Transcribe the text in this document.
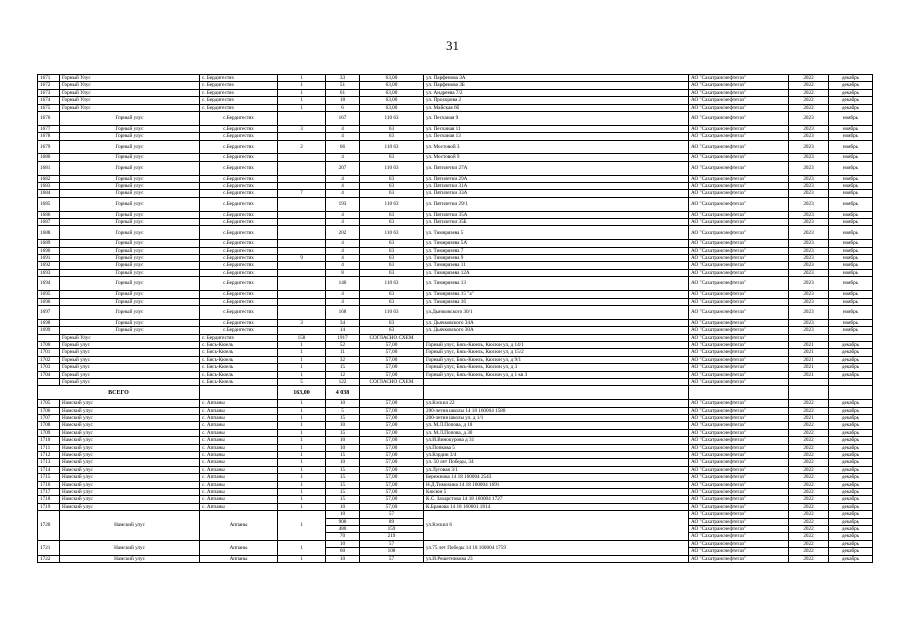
31
1671	Горный Улус	с. Бердигестях	1	33	63,00	ул. Парфенова 3А	АО "Сахатранснефтегаз"	2022	декабрь
1672	Горный Улус	с. Бердигестях	1	51	63,00	ул. Парфенова 3Б	АО "Сахатранснефтегаз"	2022	декабрь
1673	Горный Улус	с. Бердигестях	1	61	63,00	ул. Андреева 7/2	АО "Сахатранснефтегаз"	2022	декабрь
1674	Горный Улус	с. Бердигестях	1	18	63,00	ул. Прохорова 2	АО "Сахатранснефтегаз"	2022	декабрь
1675	Горный Улус	с. Бердигестях	1	6	63,00	ул. Майская 6б	АО "Сахатранснефтегаз"	2022	декабрь
1676	Горный улус	с.Бердигестях		167	110 63	ул. Песчаная 9	АО "Сахатранснефтегаз"	2023	ноябрь
1677	Горный улус	с.Бердигестях	3	4	63	ул. Песчаная 11	АО "Сахатранснефтегаз"	2023	ноябрь
1678	Горный улус	с.Бердигестях		4	63	ул. Песчаная 13	АО "Сахатранснефтегаз"	2023	ноябрь
1679	Горный улус	с.Бердигестях	2	66	110 63	ул. Мостовой 3	АО "Сахатранснефтегаз"	2023	ноябрь
1680	Горный улус	с.Бердигестях		4	63	ул. Мостовой 9	АО "Сахатранснефтегаз"	2023	ноябрь
1681	Горный улус	с.Бердигестях		207	110 63	ул. Пятилетки 27А	АО "Сахатранснефтегаз"	2023	ноябрь
1682	Горный улус	с.Бердигестях		4	63	ул. Пятилетки 29А	АО "Сахатранснефтегаз"	2023	ноябрь
1683	Горный улус	с.Бердигестях		4	63	ул. Пятилетки 31А	АО "Сахатранснефтегаз"	2023	ноябрь
1684	Горный улус	с.Бердигестях	7	4	63	ул. Пятилетки 33А	АО "Сахатранснефтегаз"	2023	ноябрь
1685	Горный улус	с.Бердигестях		193	110 63	ул. Пятилетки 29/1	АО "Сахатранснефтегаз"	2023	ноябрь
1686	Горный улус	с.Бердигестях		4	63	ул. Пятилетки 35А	АО "Сахатранснефтегаз"	2023	ноябрь
1687	Горный улус	с.Бердигестях		4	63	ул. Пятилетки 35Б	АО "Сахатранснефтегаз"	2023	ноябрь
1688	Горный улус	с.Бердигестях		202	110 63	ул. Тимирязева 5	АО "Сахатранснефтегаз"	2023	ноябрь
1689	Горный улус	с.Бердигестях		4	63	ул. Тимирязева 5А	АО "Сахатранснефтегаз"	2023	ноябрь
1690	Горный улус	с.Бердигестях		4	63	ул. Тимирязева 7	АО "Сахатранснефтегаз"	2023	ноябрь
1691	Горный улус	с.Бердигестях	9	4	63	ул. Тимирязева 9	АО "Сахатранснефтегаз"	2023	ноябрь
1692	Горный улус	с.Бердигестях		4	63	ул. Тимирязева 11	АО "Сахатранснефтегаз"	2023	ноябрь
1693	Горный улус	с.Бердигестях		8	63	ул. Тимирязева 12А	АО "Сахатранснефтегаз"	2023	ноябрь
1694	Горный улус	с.Бердигестях		140	110 63	ул. Тимирязева 13	АО "Сахатранснефтегаз"	2023	ноябрь
1695	Горный улус	с.Бердигестях		4	63	ул. Тимирязева 15 "а"	АО "Сахатранснефтегаз"	2023	ноябрь
1696	Горный улус	с.Бердигестях		4	63	ул. Тимирязева 16	АО "Сахатранснефтегаз"	2023	ноябрь
1697	Горный улус	с.Бердигестях		168	110 63	ул.Дьячковского 30/1	АО "Сахатранснефтегаз"	2023	ноябрь
1698	Горный улус	с.Бердигестях	3	34	63	ул. Дьячковского 34А	АО "Сахатранснефтегаз"	2023	ноябрь
1699	Горный улус	с.Бердигестях		14	63	ул. Дьячковского 30А	АО "Сахатранснефтегаз"	2023	ноябрь
	Горный Улус	с. Бердигестях	158	1917	СОГЛАСНО СХЕМ		АО "Сахатранснефтегаз"		
1700	Горный улус	с. Бясь-Кюель	1	52	57,00	Горный улус, Бясь-Кюель, Кюсюн ул, д 14/1	АО "Сахатранснефтегаз"	2021	декабрь
1701	Горный улус	с. Бясь-Кюель	1	11	57,00	Горный улус, Бясь-Кюель, Кюсюн ул, д 15/2	АО "Сахатранснефтегаз"	2021	декабрь
1702	Горный улус	с. Бясь-Кюель	1	32	57,00	Горный улус, Бясь-Кюель, Кюсюн ул, д 9/1	АО "Сахатранснефтегаз"	2021	декабрь
1703	Горный улус	с. Бясь-Кюель	1	15	57,00	Горный улус, Бясь-Кюель, Кюсюн ул, д 3	АО "Сахатранснефтегаз"	2021	декабрь
1704	Горный улус	с. Бясь-Кюель	1	12	57,00	Горный улус, Бясь-Кюель, Кюсюн ул, д 1 кв 3	АО "Сахатранснефтегаз"	2021	декабрь
	Горный улус	с. Бясь-Кюель	5	122	СОГЛАСНО СХЕМ		АО "Сахатранснефтегаз"		
ВСЕГО			163,00	4 038					
1705	Намский улус	с. Аппаны	1	10	57,00	ул.Кэскил 22	АО "Сахатранснефтегаз"	2022	декабрь
1706	Намский улус	с. Аппаны	1	5	57,00	200-летия школы 14 18 160004 1588	АО "Сахатранснефтегаз"	2022	декабрь
1707	Намский улус	с. Аппаны	1	15	57,00	200-летия школы ул. д 1/1	АО "Сахатранснефтегаз"	2021	декабрь
1708	Намский улус	с. Аппаны	1	10	57,00	ул. М.Л.Попова, д 18	АО "Сахатранснефтегаз"	2022	декабрь
1709	Намский улус	с. Аппаны	1	15	57,00	ул. М.Л.Попова, д 30	АО "Сахатранснефтегаз"	2022	декабрь
1710	Намский улус	с. Аппаны	1	10	57,00	ул.И.Винокурова д 31	АО "Сахатранснефтегаз"	2022	декабрь
1711	Намский улус	с. Аппаны	1	10	57,00	ул.Попкова 5	АО "Сахатранснефтегаз"	2022	декабрь
1712	Намский улус	с. Аппаны	1	15	57,00	ул.Кэрдии 3/4	АО "Сахатранснефтегаз"	2022	декабрь
1713	Намский улус	с. Аппаны	1	10	57,00	ул. 50 лет Победы, 34	АО "Сахатранснефтегаз"	2022	декабрь
1714	Намский улус	с. Аппаны	1	15	57,00	ул.Луговая 3/1	АО "Сахатранснефтегаз"	2022	декабрь
1715	Намский улус	с. Аппаны	1	15	57,00	Бережнова 14 18 160004 2543	АО "Сахатранснефтегаз"	2022	декабрь
1716	Намский улус	с. Аппаны	1	15	57,00	Н.Д.Тимохина 14 18 160004 1691	АО "Сахатранснефтегаз"	2022	декабрь
1717	Намский улус	с. Аппаны	1	15	57,00	Кюсюн 5	АО "Сахатранснефтегаз"	2022	декабрь
1718	Намский улус	с. Аппаны	1	15	57,00	К.С. Захарстова 14 18 160004 1727	АО "Сахатранснефтегаз"	2022	декабрь
1719	Намский улус	с. Аппаны	1	10	57,00	К.Бранова 14 18 160001 1814	АО "Сахатранснефтегаз"	2022	декабрь
1720	Намский улус	Аппаны	1	10	57	ул.Кэскил 6	АО "Сахатранснефтегаз"	2022	декабрь
				900	89		АО "Сахатранснефтегаз"	2022	декабрь
				480	159		АО "Сахатранснефтегаз"	2022	декабрь
				70	219		АО "Сахатранснефтегаз"	2022	декабрь
1721	Намский улус	Аппаны	1	10	57	ул.75 лет Победы 14 18 160004 1759	АО "Сахатранснефтегаз"	2022	декабрь
				60	108		АО "Сахатранснефтегаз"	2022	декабрь
1722	Намский улус	Аппаны	1	10	57	ул.И.Решетникова 23	АО "Сахатранснефтегаз"	2022	декабрь
